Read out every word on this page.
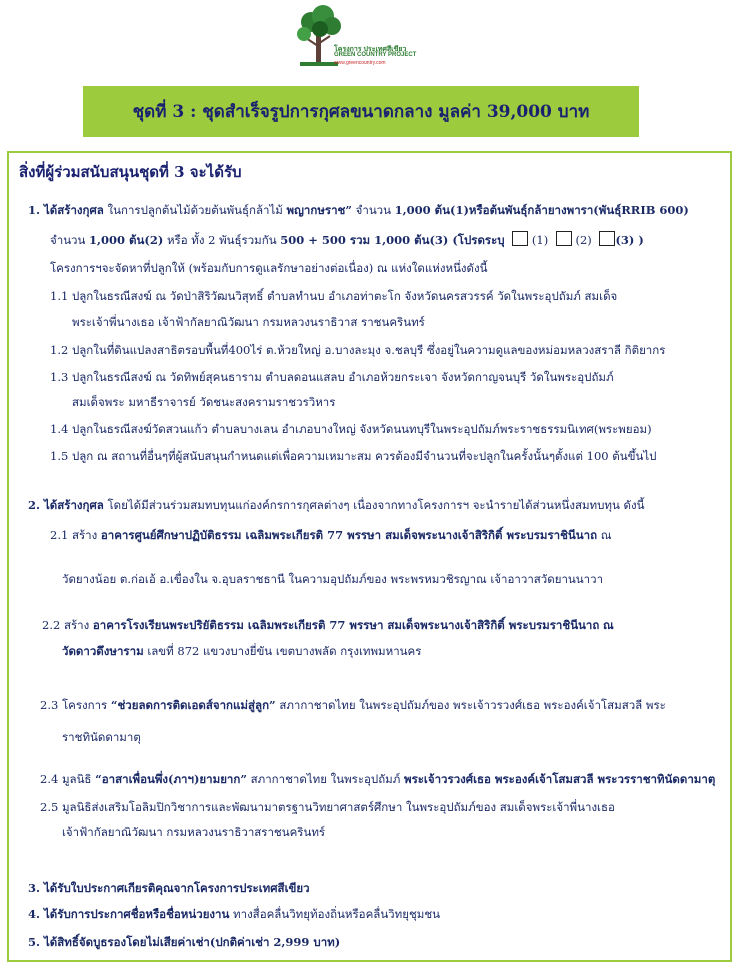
โครงการ ประเทศสีเขียว
GREEN COUNTRY PROJECT
www.greencountry.com
ชุดที่ 3 : ชุดสำเร็จรูปการกุศลขนาดกลาง มูลค่า 39,000 บาท
สิ่งที่ผู้ร่วมสนับสนุนชุดที่ 3 จะได้รับ
1. ได้สร้างกุศล ในการปลูกต้นไม้ด้วยต้นพันธุ์กล้าไม้ พญากษราช” จำนวน 1,000 ต้น(1)หรือต้นพันธุ์กล้ายางพารา(พันธุ์RRIB 600)
จำนวน 1,000 ต้น(2) หรือ ทั้ง 2 พันธุ์รวมกัน 500 + 500 รวม 1,000 ต้น(3) (โปรดระบุ (1) (2) (3) )
โครงการฯจะจัดหาที่ปลูกให้ (พร้อมกับการดูแลรักษาอย่างต่อเนื่อง) ณ แห่งใดแห่งหนึ่งดังนี้
1.1 ปลูกในธรณีสงฆ์ ณ วัดป่าสิริวัฒนวิสุทธิ์ ตำบลทำนบ อำเภอท่าตะโก จังหวัดนครสวรรค์ วัดในพระอุปถัมภ์ สมเด็จ
พระเจ้าพี่นางเธอ เจ้าฟ้ากัลยาณิวัฒนา กรมหลวงนราธิวาส ราชนครินทร์
1.2 ปลูกในที่ดินแปลงสาธิตรอบพื้นที่400ไร่ ต.ห้วยใหญ่ อ.บางละมุง จ.ชลบุรี ซึ่งอยู่ในความดูแลของหม่อมหลวงสราลี กิติยากร
1.3 ปลูกในธรณีสงฆ์ ณ วัดทิพย์สุคนธาราม ตำบลดอนแสลบ อำเภอห้วยกระเจา จังหวัดกาญจนบุรี วัดในพระอุปถัมภ์
สมเด็จพระ มหาธีราจารย์ วัดชนะสงครามราชวรวิหาร
1.4 ปลูกในธรณีสงฆ์วัดสวนแก้ว ตำบลบางเลน อำเภอบางใหญ่ จังหวัดนนทบุรีในพระอุปถัมภ์พระราชธรรมนิเทศ(พระพยอม)
1.5 ปลูก ณ สถานที่อื่นๆที่ผู้สนับสนุนกำหนดแต่เพื่อความเหมาะสม ควรต้องมีจำนวนที่จะปลูกในครั้งนั้นๆตั้งแต่ 100 ต้นขึ้นไป
2. ได้สร้างกุศล โดยได้มีส่วนร่วมสมทบทุนแก่องค์กรการกุศลต่างๆ เนื่องจากทางโครงการฯ จะนำรายได้ส่วนหนึ่งสมทบทุน ดังนี้
2.1 สร้าง อาคารศูนย์ศึกษาปฏิบัติธรรม เฉลิมพระเกียรติ 77 พรรษา สมเด็จพระนางเจ้าสิริกิติ์ พระบรมราชินีนาถ ณ
วัดยางน้อย ต.ก่อเอ้ อ.เขื่องใน จ.อุบลราชธานี ในความอุปถัมภ์ของ พระพรหมวชิรญาณ เจ้าอาวาสวัดยานนาวา
2.2 สร้าง อาคารโรงเรียนพระปริยัติธรรม เฉลิมพระเกียรติ 77 พรรษา สมเด็จพระนางเจ้าสิริกิติ์ พระบรมราชินีนาถ ณ
วัดดาวดึงษาราม เลขที่ 872 แขวงบางยี่ขัน เขตบางพลัด กรุงเทพมหานคร
2.3 โครงการ “ช่วยลดการติดเอดส์จากแม่สู่ลูก” สภากาชาดไทย ในพระอุปถัมภ์ของ พระเจ้าวรวงศ์เธอ พระองค์เจ้าโสมสวลี พระ
ราชทินัดดามาตุ
2.4 มูลนิธิ “อาสาเพื่อนพึ่ง(ภาฯ)ยามยาก” สภากาชาดไทย ในพระอุปถัมภ์ พระเจ้าวรวงศ์เธอ พระองค์เจ้าโสมสวลี พระวรราชาทินัดดามาตุ
2.5 มูลนิธิส่งเสริมโอลิมปิกวิชาการและพัฒนามาตรฐานวิทยาศาสตร์ศึกษา ในพระอุปถัมภ์ของ สมเด็จพระเจ้าพี่นางเธอ
เจ้าฟ้ากัลยาณิวัฒนา กรมหลวงนราธิวาสราชนครินทร์
3. ได้รับใบประกาศเกียรติคุณจากโครงการประเทศสีเขียว
4. ได้รับการประกาศชื่อหรือชื่อหน่วยงาน ทางสื่อคลื่นวิทยุท้องถิ่นหรือคลื่นวิทยุชุมชน
5. ได้สิทธิ์จัดบูธรองโดยไม่เสียค่าเช่า(ปกติค่าเช่า 2,999 บาท)
